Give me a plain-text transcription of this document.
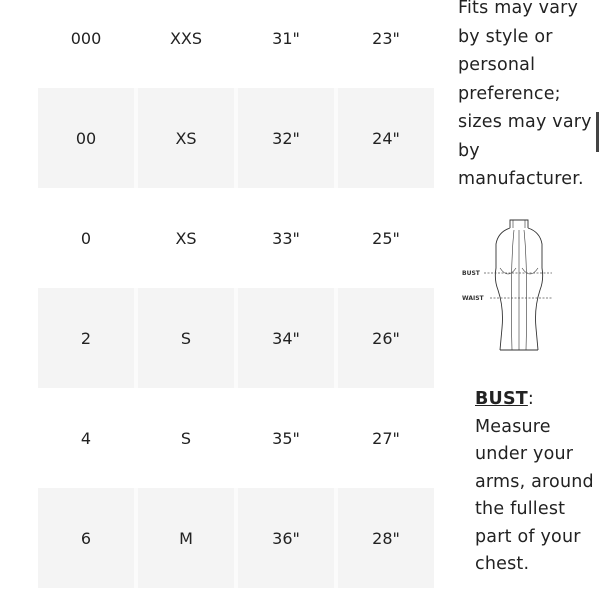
000	XXS	31"	23"
00	XS	32"	24"
0	XS	33"	25"
2	S	34"	26"
4	S	35"	27"
6	M	36"	28"
Fits may vary
by style or
personal
preference;
sizes may vary
by
manufacturer.
BUST
WAIST
BUST: Measure under your arms, around the fullest part of your chest.
